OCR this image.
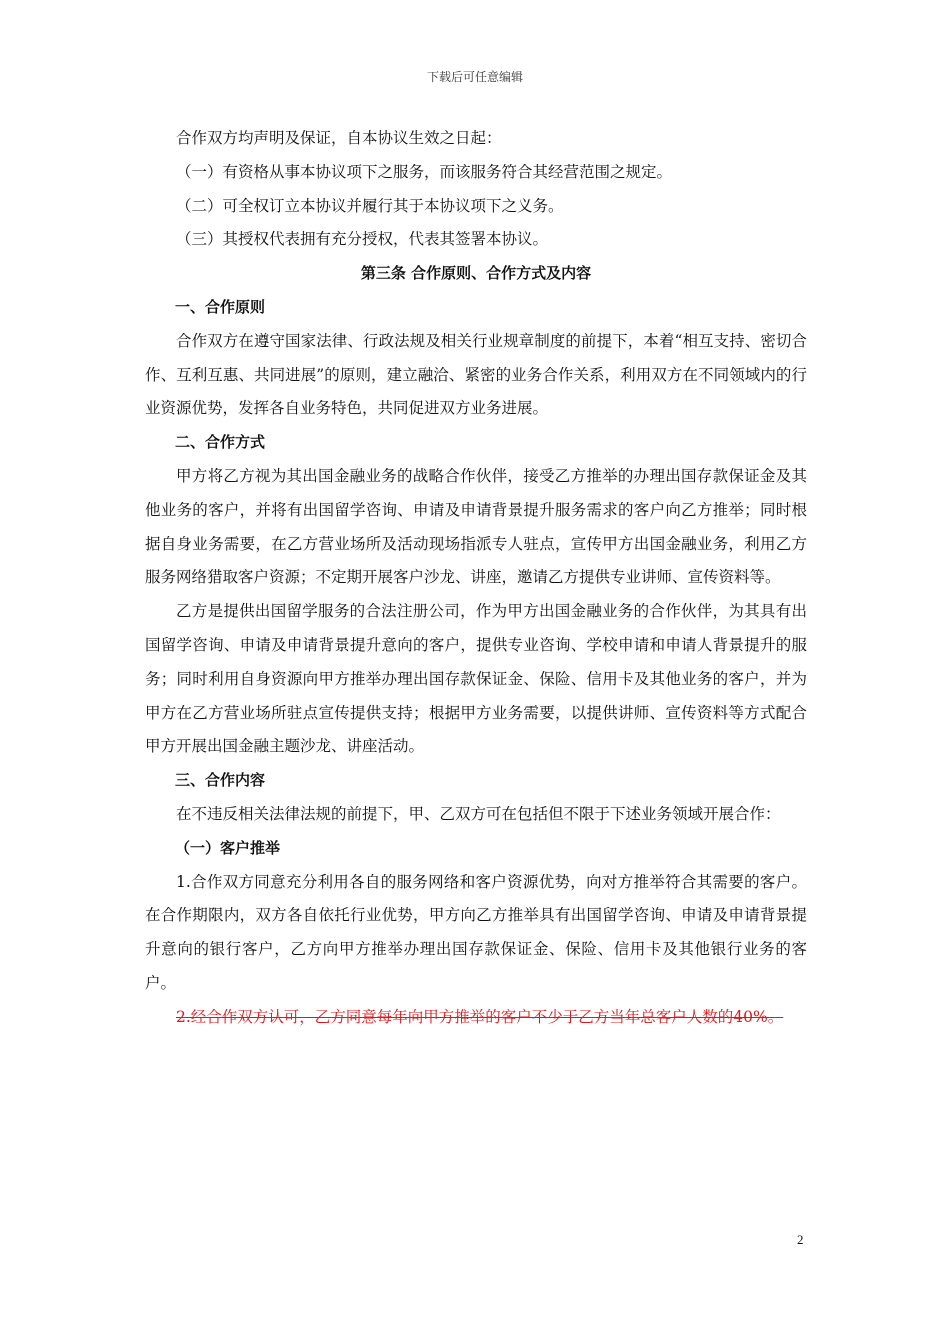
下载后可任意编辑

合作双方均声明及保证，自本协议生效之日起：

（一）有资格从事本协议项下之服务，而该服务符合其经营范围之规定。

（二）可全权订立本协议并履行其于本协议项下之义务。

（三）其授权代表拥有充分授权，代表其签署本协议。

第三条 合作原则、合作方式及内容

一、合作原则

合作双方在遵守国家法律、行政法规及相关行业规章制度的前提下，本着“相互支持、密切合作、互利互惠、共同进展”的原则，建立融洽、紧密的业务合作关系，利用双方在不同领域内的行业资源优势，发挥各自业务特色，共同促进双方业务进展。

二、合作方式

甲方将乙方视为其出国金融业务的战略合作伙伴，接受乙方推举的办理出国存款保证金及其他业务的客户，并将有出国留学咨询、申请及申请背景提升服务需求的客户向乙方推举；同时根据自身业务需要，在乙方营业场所及活动现场指派专人驻点，宣传甲方出国金融业务，利用乙方服务网络猎取客户资源；不定期开展客户沙龙、讲座，邀请乙方提供专业讲师、宣传资料等。

乙方是提供出国留学服务的合法注册公司，作为甲方出国金融业务的合作伙伴，为其具有出国留学咨询、申请及申请背景提升意向的客户，提供专业咨询、学校申请和申请人背景提升的服务；同时利用自身资源向甲方推举办理出国存款保证金、保险、信用卡及其他业务的客户，并为甲方在乙方营业场所驻点宣传提供支持；根据甲方业务需要，以提供讲师、宣传资料等方式配合甲方开展出国金融主题沙龙、讲座活动。

三、合作内容

在不违反相关法律法规的前提下，甲、乙双方可在包括但不限于下述业务领域开展合作：

（一）客户推举

1.合作双方同意充分利用各自的服务网络和客户资源优势，向对方推举符合其需要的客户。在合作期限内，双方各自依托行业优势，甲方向乙方推举具有出国留学咨询、申请及申请背景提升意向的银行客户，乙方向甲方推举办理出国存款保证金、保险、信用卡及其他银行业务的客户。

2.经合作双方认可，乙方同意每年向甲方推举的客户不少于乙方当年总客户人数的40%。

2
